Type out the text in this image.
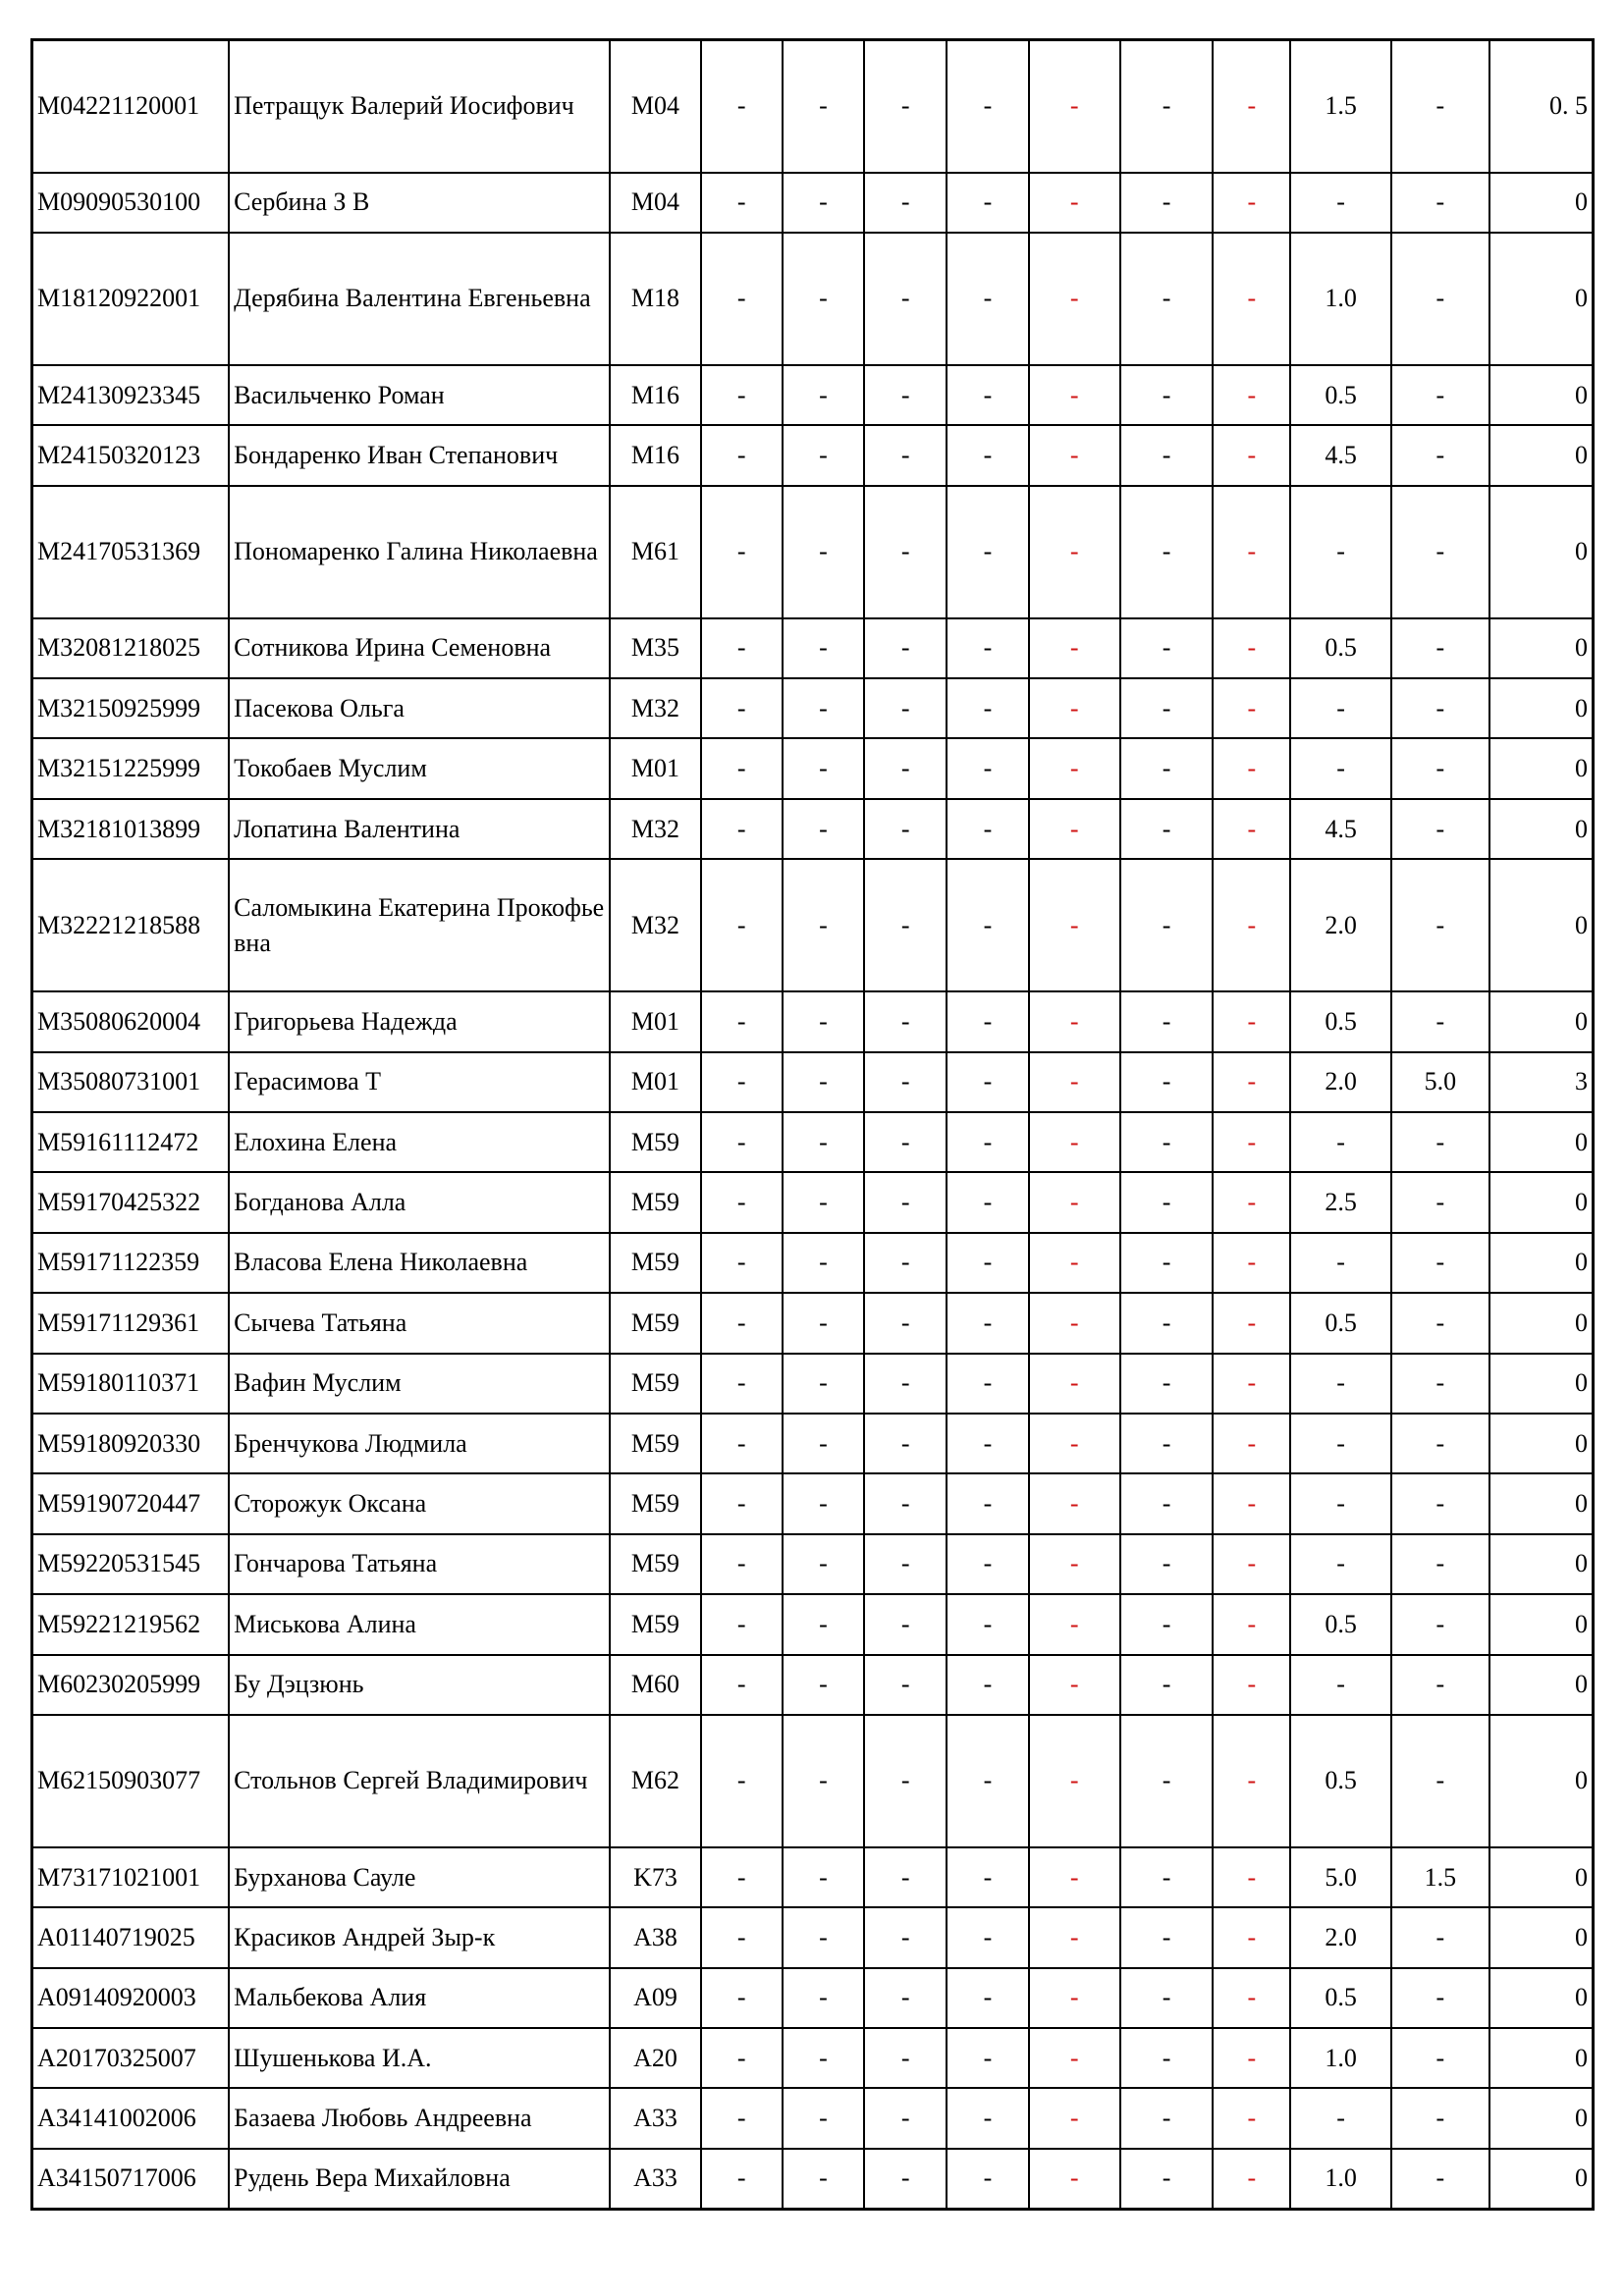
M04221120001	Петращук Валерий Иосифович	M04	-	-	-	-	-	-	-	1.5	-	0. 5
M09090530100	Сербина З В	M04	-	-	-	-	-	-	-	-	-	0
M18120922001	Дерябина Валентина Евгеньевна	M18	-	-	-	-	-	-	-	1.0	-	0
M24130923345	Васильченко Роман	M16	-	-	-	-	-	-	-	0.5	-	0
M24150320123	Бондаренко Иван Степанович	M16	-	-	-	-	-	-	-	4.5	-	0
M24170531369	Пономаренко Галина Николаевна	M61	-	-	-	-	-	-	-	-	-	0
M32081218025	Сотникова Ирина Семеновна	M35	-	-	-	-	-	-	-	0.5	-	0
M32150925999	Пасекова Ольга	M32	-	-	-	-	-	-	-	-	-	0
M32151225999	Токобаев Муслим	M01	-	-	-	-	-	-	-	-	-	0
M32181013899	Лопатина Валентина	M32	-	-	-	-	-	-	-	4.5	-	0
M32221218588	Саломыкина Екатерина Прокофьевна	M32	-	-	-	-	-	-	-	2.0	-	0
M35080620004	Григорьева Надежда	M01	-	-	-	-	-	-	-	0.5	-	0
M35080731001	Герасимова Т	M01	-	-	-	-	-	-	-	2.0	5.0	3
M59161112472	Елохина Елена	M59	-	-	-	-	-	-	-	-	-	0
M59170425322	Богданова Алла	M59	-	-	-	-	-	-	-	2.5	-	0
M59171122359	Власова Елена Николаевна	M59	-	-	-	-	-	-	-	-	-	0
M59171129361	Сычева Татьяна	M59	-	-	-	-	-	-	-	0.5	-	0
M59180110371	Вафин Муслим	M59	-	-	-	-	-	-	-	-	-	0
M59180920330	Бренчукова Людмила	M59	-	-	-	-	-	-	-	-	-	0
M59190720447	Сторожук Оксана	M59	-	-	-	-	-	-	-	-	-	0
M59220531545	Гончарова Татьяна	M59	-	-	-	-	-	-	-	-	-	0
M59221219562	Миськова Алина	M59	-	-	-	-	-	-	-	0.5	-	0
M60230205999	Бу Дэцзюнь	M60	-	-	-	-	-	-	-	-	-	0
M62150903077	Стольнов Сергей Владимирович	M62	-	-	-	-	-	-	-	0.5	-	0
M73171021001	Бурханова Сауле	K73	-	-	-	-	-	-	-	5.0	1.5	0
A01140719025	Красиков Андрей Зыр-к	A38	-	-	-	-	-	-	-	2.0	-	0
A09140920003	Мальбекова Алия	A09	-	-	-	-	-	-	-	0.5	-	0
A20170325007	Шушенькова И.А.	A20	-	-	-	-	-	-	-	1.0	-	0
A34141002006	Базаева Любовь Андреевна	A33	-	-	-	-	-	-	-	-	-	0
A34150717006	Рудень Вера Михайловна	A33	-	-	-	-	-	-	-	1.0	-	0
